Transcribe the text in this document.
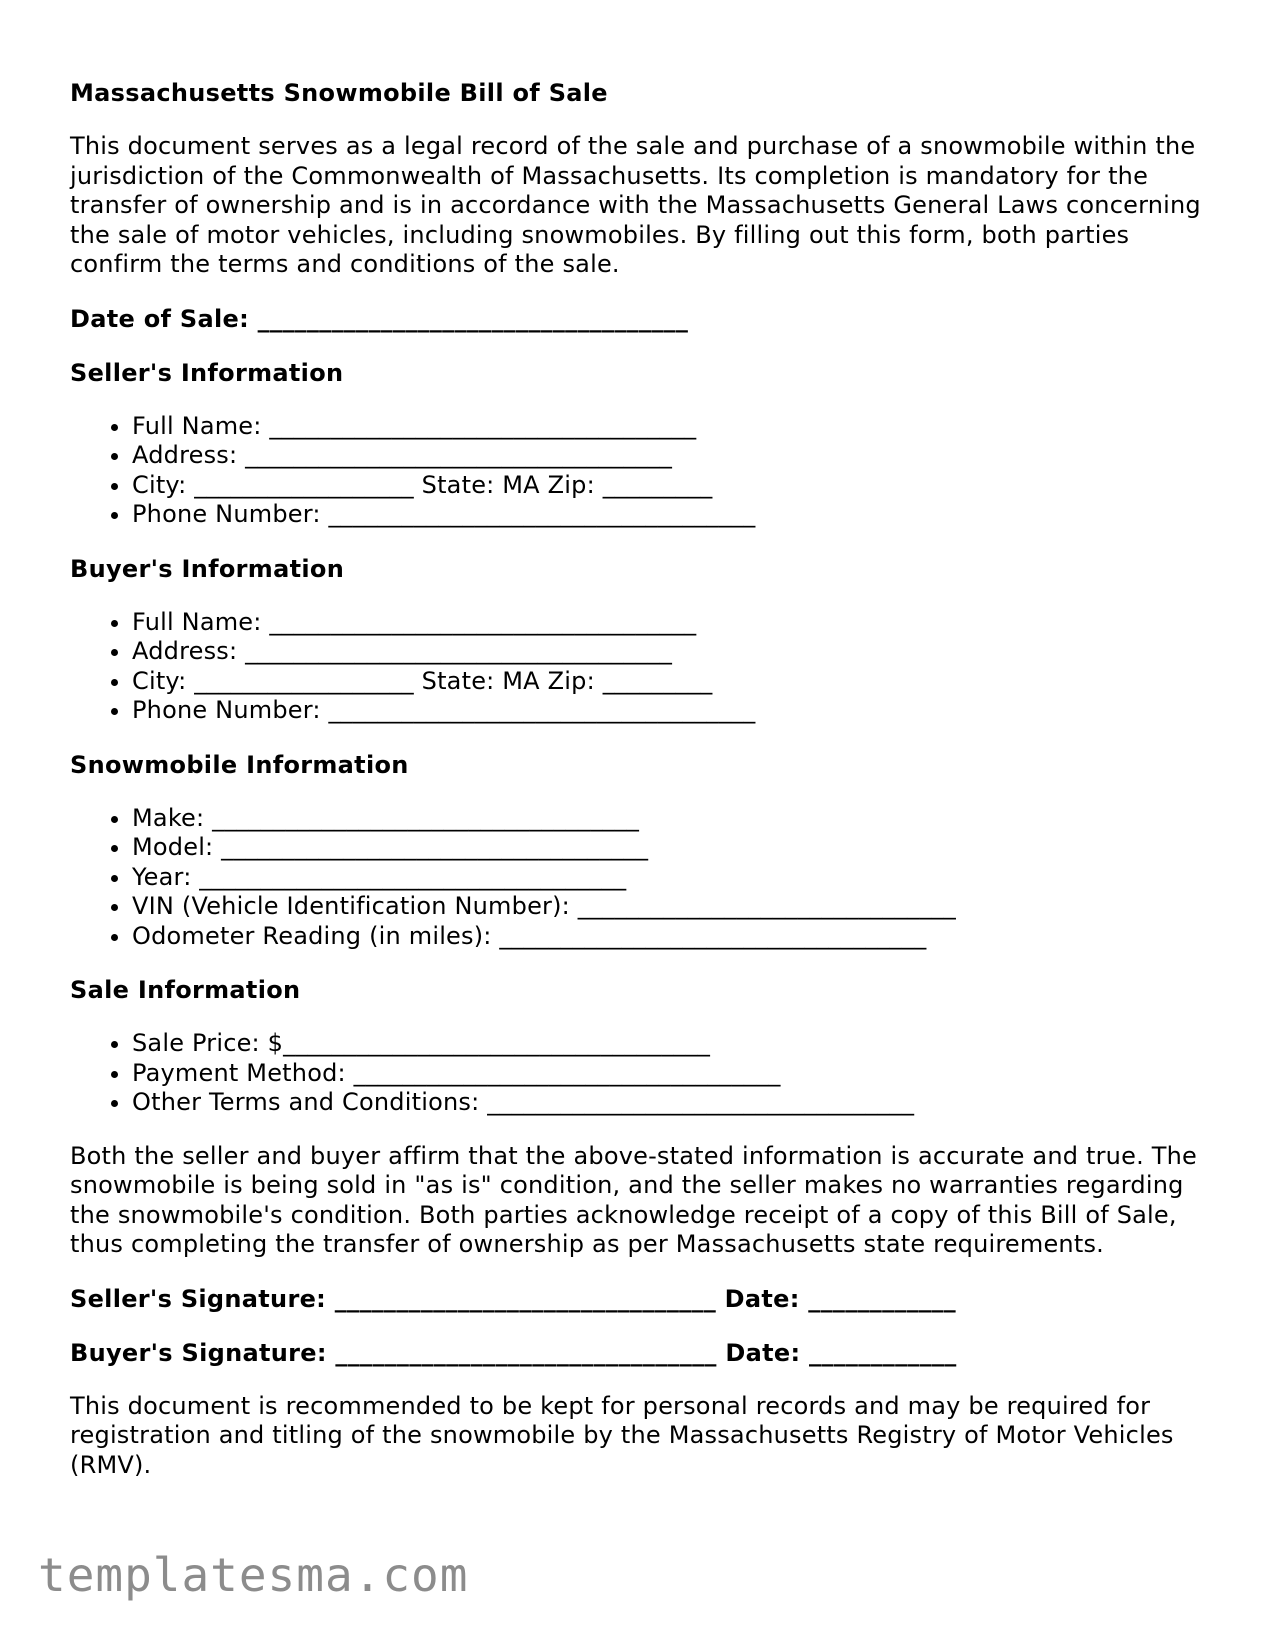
Massachusetts Snowmobile Bill of Sale

This document serves as a legal record of the sale and purchase of a snowmobile within the jurisdiction of the Commonwealth of Massachusetts. Its completion is mandatory for the transfer of ownership and is in accordance with the Massachusetts General Laws concerning the sale of motor vehicles, including snowmobiles. By filling out this form, both parties confirm the terms and conditions of the sale.

Date of Sale: ___________________________________
Seller's Information
• Full Name: ___________________________________
• Address: ___________________________________
• City: __________________ State: MA Zip: _________
• Phone Number: ___________________________________
Buyer's Information
• Full Name: ___________________________________
• Address: ___________________________________
• City: __________________ State: MA Zip: _________
• Phone Number: ___________________________________
Snowmobile Information
• Make: ___________________________________
• Model: ___________________________________
• Year: ___________________________________
• VIN (Vehicle Identification Number): _______________________________
• Odometer Reading (in miles): ___________________________________
Sale Information
• Sale Price: $___________________________________
• Payment Method: ___________________________________
• Other Terms and Conditions: ___________________________________

Both the seller and buyer affirm that the above-stated information is accurate and true. The snowmobile is being sold in "as is" condition, and the seller makes no warranties regarding the snowmobile's condition. Both parties acknowledge receipt of a copy of this Bill of Sale, thus completing the transfer of ownership as per Massachusetts state requirements.

Seller's Signature: _______________________________ Date: ____________
Buyer's Signature: _______________________________ Date: ____________

This document is recommended to be kept for personal records and may be required for registration and titling of the snowmobile by the Massachusetts Registry of Motor Vehicles (RMV).

templatesma.com
